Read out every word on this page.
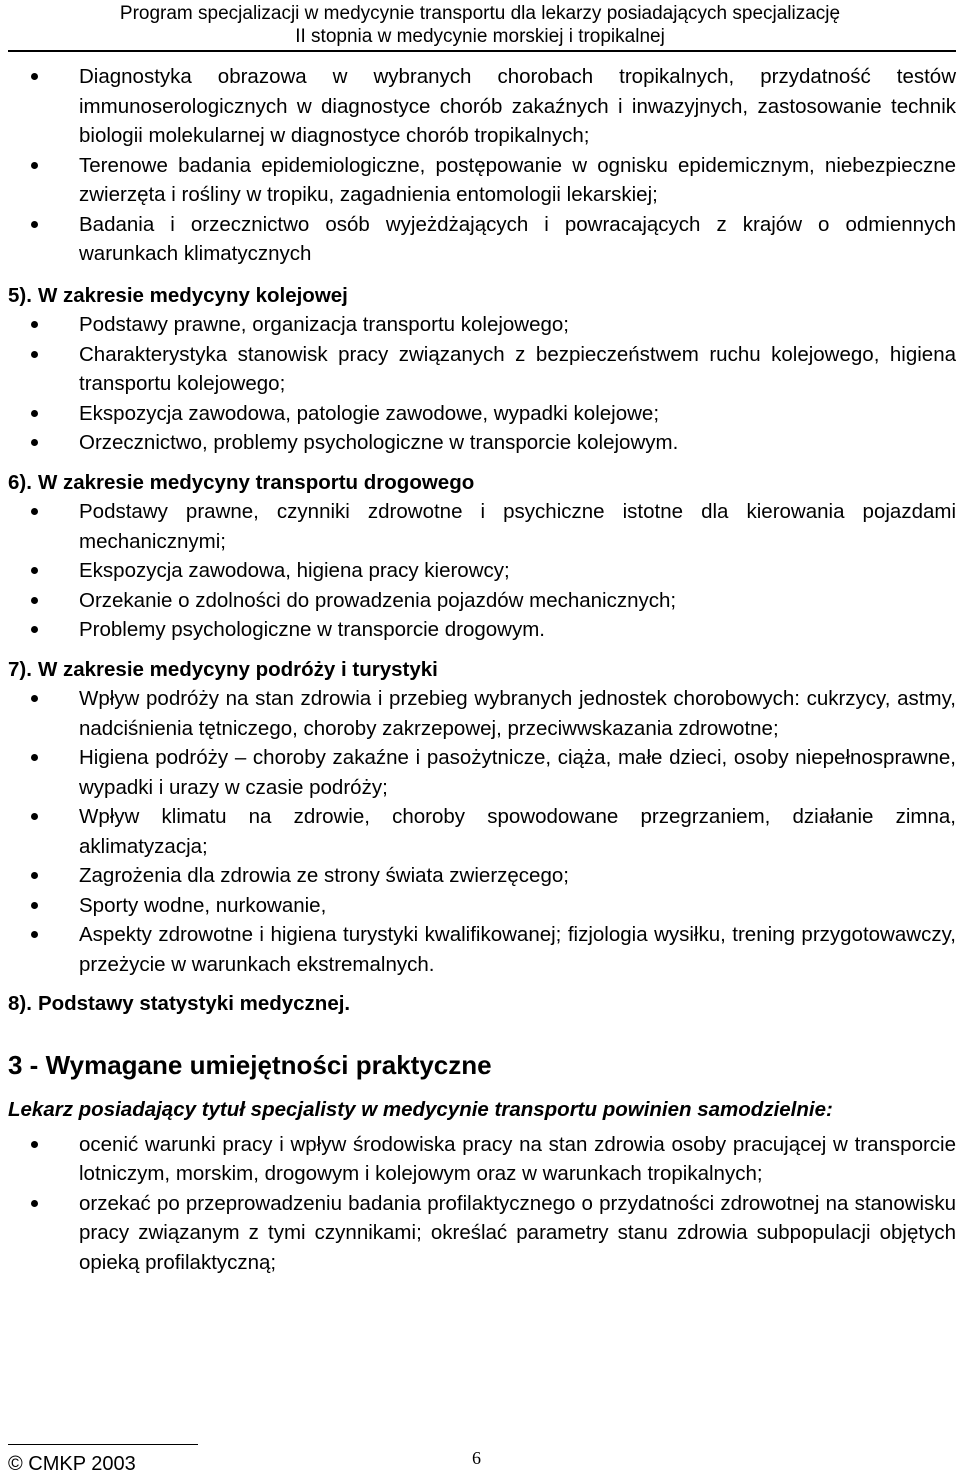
Program specjalizacji w medycynie transportu dla lekarzy posiadających specjalizację
II stopnia w medycynie morskiej i tropikalnej
Diagnostyka obrazowa w wybranych chorobach tropikalnych, przydatność testów immunoserologicznych w diagnostyce chorób zakaźnych i inwazyjnych, zastosowanie technik biologii molekularnej w diagnostyce chorób tropikalnych;
Terenowe badania epidemiologiczne, postępowanie w ognisku epidemicznym, niebezpieczne zwierzęta i rośliny w tropiku, zagadnienia entomologii lekarskiej;
Badania i orzecznictwo osób wyjeżdżających i powracających z krajów o odmiennych warunkach klimatycznych
5). W zakresie medycyny kolejowej
Podstawy prawne, organizacja transportu kolejowego;
Charakterystyka stanowisk pracy związanych z bezpieczeństwem ruchu kolejowego, higiena transportu kolejowego;
Ekspozycja zawodowa, patologie zawodowe, wypadki kolejowe;
Orzecznictwo, problemy psychologiczne w transporcie kolejowym.
6). W zakresie medycyny transportu drogowego
Podstawy prawne, czynniki zdrowotne i psychiczne istotne dla kierowania pojazdami mechanicznymi;
Ekspozycja zawodowa, higiena pracy kierowcy;
Orzekanie o zdolności do prowadzenia pojazdów mechanicznych;
Problemy psychologiczne w transporcie drogowym.
7). W zakresie medycyny podróży i turystyki
Wpływ podróży na stan zdrowia i przebieg wybranych jednostek chorobowych: cukrzycy, astmy, nadciśnienia tętniczego, choroby zakrzepowej, przeciwwskazania zdrowotne;
Higiena podróży – choroby zakaźne i pasożytnicze, ciąża, małe dzieci, osoby niepełnosprawne, wypadki i urazy w czasie podróży;
Wpływ klimatu na zdrowie, choroby spowodowane przegrzaniem, działanie zimna, aklimatyzacja;
Zagrożenia dla zdrowia ze strony świata zwierzęcego;
Sporty wodne, nurkowanie,
Aspekty zdrowotne i higiena turystyki kwalifikowanej; fizjologia wysiłku, trening przygotowawczy, przeżycie w warunkach ekstremalnych.
8). Podstawy statystyki medycznej.
3 - Wymagane umiejętności praktyczne
Lekarz posiadający tytuł specjalisty w medycynie transportu powinien samodzielnie:
ocenić warunki pracy i wpływ środowiska pracy na stan zdrowia osoby pracującej w transporcie lotniczym, morskim, drogowym i kolejowym oraz w warunkach tropikalnych;
orzekać po przeprowadzeniu badania profilaktycznego o przydatności zdrowotnej na stanowisku pracy związanym z tymi czynnikami; określać parametry stanu zdrowia subpopulacji objętych opieką profilaktyczną;
© CMKP 2003	6
